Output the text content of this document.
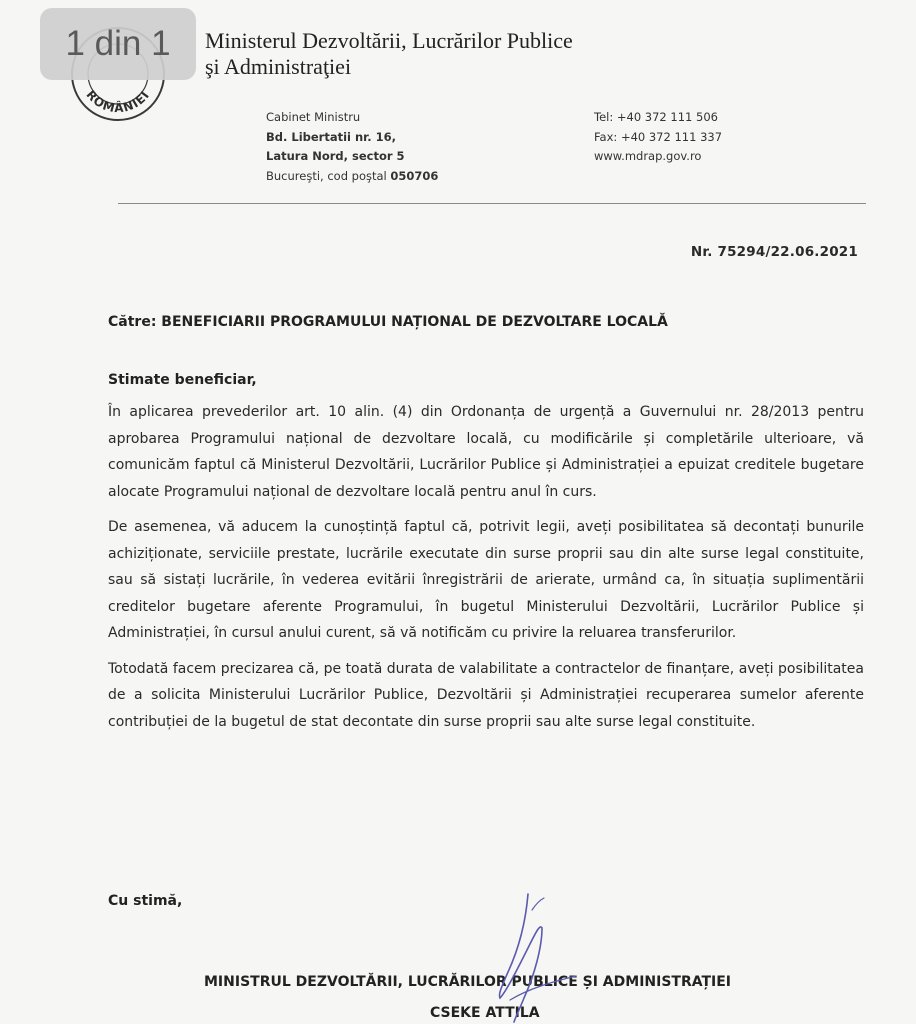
1 din 1
ROMÂNIEI
Ministerul Dezvoltării, Lucrărilor Publice
şi Administraţiei
Cabinet Ministru
Bd. Libertatii nr. 16,
Latura Nord, sector 5
Bucureşti, cod poştal 050706
Tel: +40 372 111 506
Fax: +40 372 111 337
www.mdrap.gov.ro
Nr. 75294/22.06.2021
Către: BENEFICIARII PROGRAMULUI NAȚIONAL DE DEZVOLTARE LOCALĂ
Stimate beneficiar,

În aplicarea prevederilor art. 10 alin. (4) din Ordonanța de urgență a Guvernului nr. 28/2013 pentru aprobarea Programului național de dezvoltare locală, cu modificările și completările ulterioare, vă comunicăm faptul că Ministerul Dezvoltării, Lucrărilor Publice și Administrației a epuizat creditele bugetare alocate Programului național de dezvoltare locală pentru anul în curs.

De asemenea, vă aducem la cunoștință faptul că, potrivit legii, aveți posibilitatea să decontați bunurile achiziționate, serviciile prestate, lucrările executate din surse proprii sau din alte surse legal constituite, sau să sistați lucrările, în vederea evitării înregistrării de arierate, urmând ca, în situația suplimentării creditelor bugetare aferente Programului, în bugetul Ministerului Dezvoltării, Lucrărilor Publice și Administrației, în cursul anului curent, să vă notificăm cu privire la reluarea transferurilor.

Totodată facem precizarea că, pe toată durata de valabilitate a contractelor de finanțare, aveți posibilitatea de a solicita Ministerului Lucrărilor Publice, Dezvoltării și Administrației recuperarea sumelor aferente contribuției de la bugetul de stat decontate din surse proprii sau alte surse legal constituite.

Cu stimă,
MINISTRUL DEZVOLTĂRII, LUCRĂRILOR PUBLICE ȘI ADMINISTRAȚIEI
CSEKE ATTILA
